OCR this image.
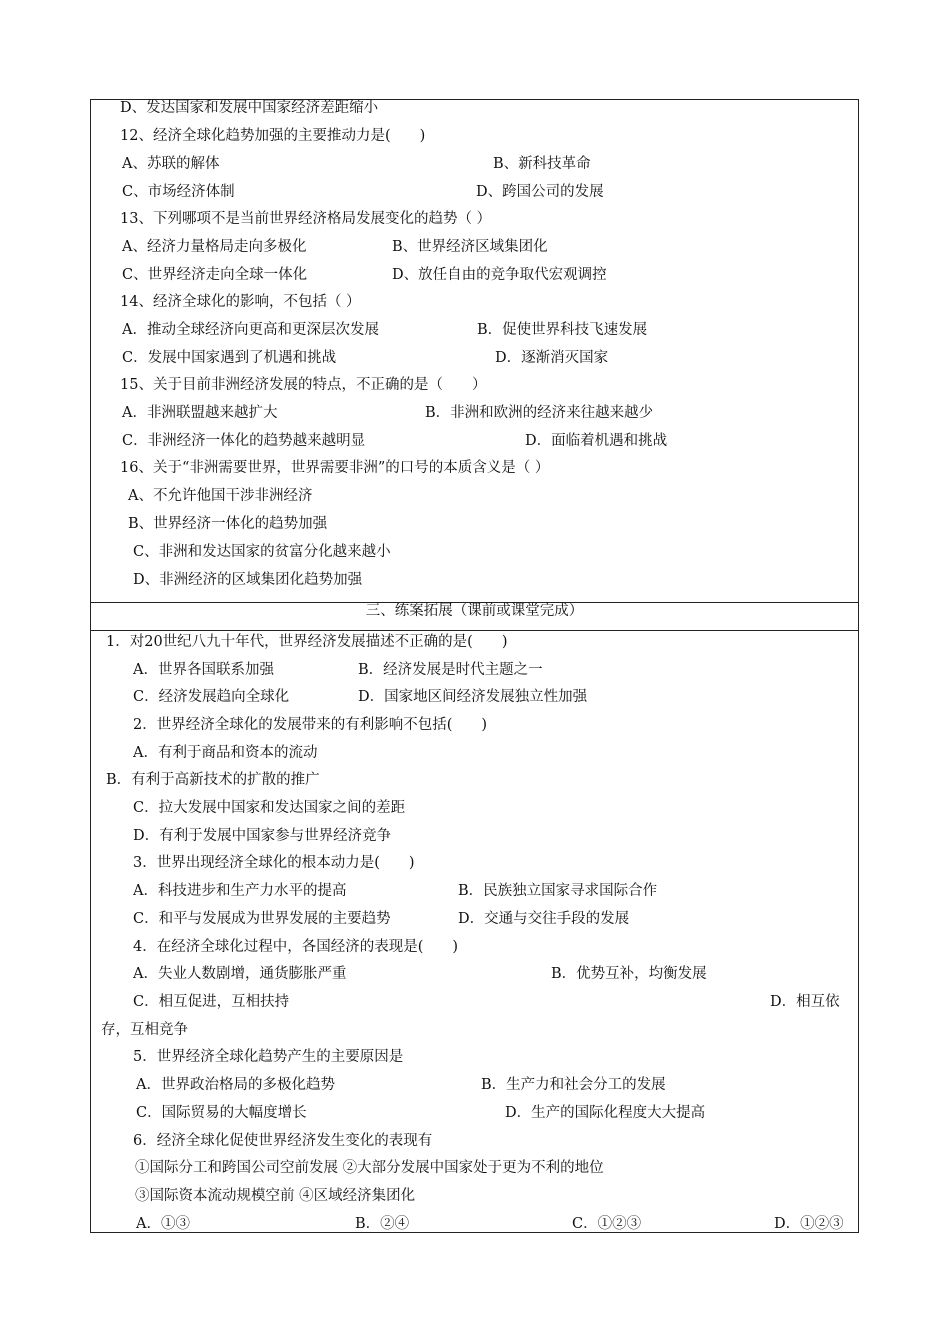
D、发达国家和发展中国家经济差距缩小
12、经济全球化趋势加强的主要推动力是(　　)
A、苏联的解体	B、新科技革命
C、市场经济体制	D、跨国公司的发展
13、下列哪项不是当前世界经济格局发展变化的趋势（ ）
A、经济力量格局走向多极化	B、世界经济区域集团化
C、世界经济走向全球一体化	D、放任自由的竞争取代宏观调控
14、经济全球化的影响，不包括（ ）
A．推动全球经济向更高和更深层次发展	B．促使世界科技飞速发展
C．发展中国家遇到了机遇和挑战	D．逐渐消灭国家
15、关于目前非洲经济发展的特点，不正确的是（　　）
A．非洲联盟越来越扩大	B．非洲和欧洲的经济来往越来越少
C．非洲经济一体化的趋势越来越明显	D．面临着机遇和挑战
16、关于“非洲需要世界，世界需要非洲”的口号的本质含义是（ ）
A、不允许他国干涉非洲经济
B、世界经济一体化的趋势加强
C、非洲和发达国家的贫富分化越来越小
D、非洲经济的区域集团化趋势加强
三、练案拓展（课前或课堂完成）
1．对20世纪八九十年代，世界经济发展描述不正确的是(　　)
A．世界各国联系加强	B．经济发展是时代主题之一
C．经济发展趋向全球化	D．国家地区间经济发展独立性加强
2．世界经济全球化的发展带来的有利影响不包括(　　)
A．有利于商品和资本的流动
B．有利于高新技术的扩散的推广
C．拉大发展中国家和发达国家之间的差距
D．有利于发展中国家参与世界经济竞争
3．世界出现经济全球化的根本动力是(　　)
A．科技进步和生产力水平的提高	B．民族独立国家寻求国际合作
C．和平与发展成为世界发展的主要趋势	D．交通与交往手段的发展
4．在经济全球化过程中，各国经济的表现是(　　)
A．失业人数剧增，通货膨胀严重	B．优势互补，均衡发展
C．相互促进，互相扶持	D．相互依
存，互相竞争
5．世界经济全球化趋势产生的主要原因是
A．世界政治格局的多极化趋势	B．生产力和社会分工的发展
C．国际贸易的大幅度增长	D．生产的国际化程度大大提高
6．经济全球化促使世界经济发生变化的表现有
①国际分工和跨国公司空前发展 ②大部分发展中国家处于更为不利的地位
③国际资本流动规模空前 ④区域经济集团化
A．①③	B．②④	C．①②③	D．①②③
